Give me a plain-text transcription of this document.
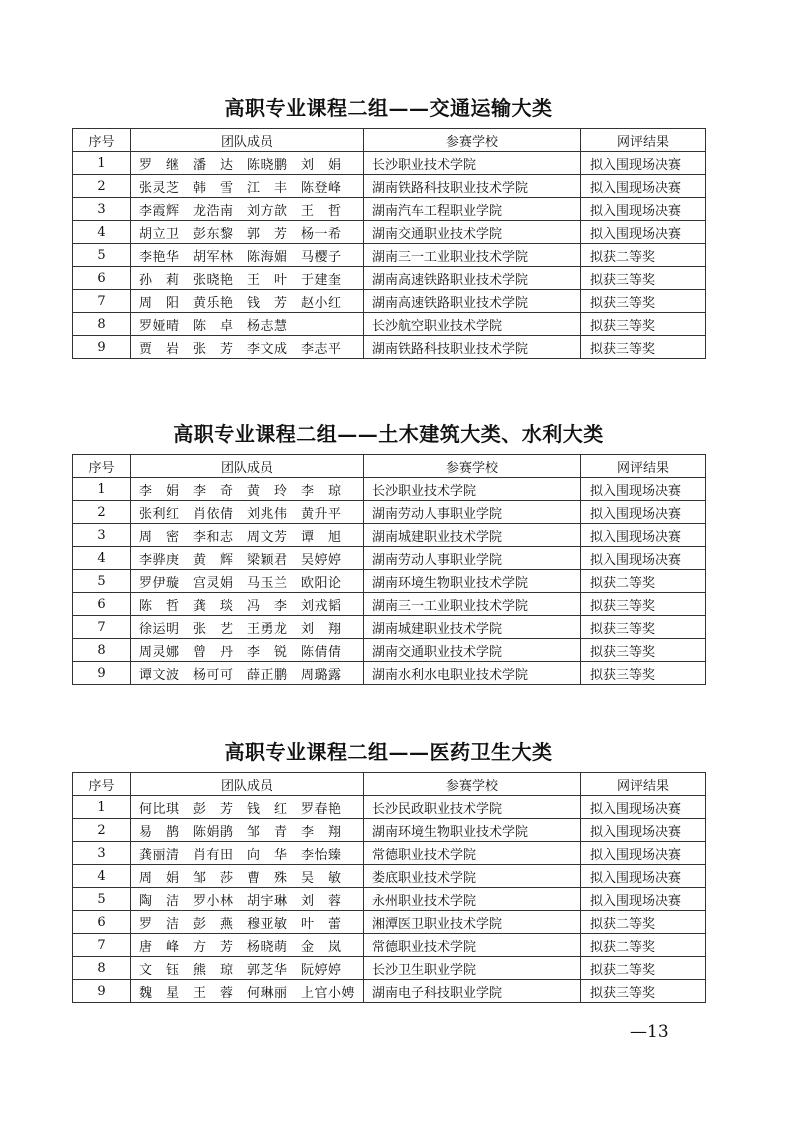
高职专业课程二组——交通运输大类
序号	团队成员	参赛学校	网评结果
1	罗　继　潘　达　陈晓鹏　刘　娟	长沙职业技术学院	拟入围现场决赛
2	张灵芝　韩　雪　江　丰　陈登峰	湖南铁路科技职业技术学院	拟入围现场决赛
3	李霞辉　龙浩南　刘方歆　王　哲	湖南汽车工程职业学院	拟入围现场决赛
4	胡立卫　彭东黎　郭　芳　杨一希	湖南交通职业技术学院	拟入围现场决赛
5	李艳华　胡军林　陈海媚　马樱子	湖南三一工业职业技术学院	拟获二等奖
6	孙　莉　张晓艳　王　叶　于建奎	湖南高速铁路职业技术学院	拟获三等奖
7	周　阳　黄乐艳　钱　芳　赵小红	湖南高速铁路职业技术学院	拟获三等奖
8	罗娅晴　陈　卓　杨志慧	长沙航空职业技术学院	拟获三等奖
9	贾　岩　张　芳　李文成　李志平	湖南铁路科技职业技术学院	拟获三等奖
高职专业课程二组——土木建筑大类、水利大类
序号	团队成员	参赛学校	网评结果
1	李　娟　李　奇　黄　玲　李　琼	长沙职业技术学院	拟入围现场决赛
2	张利红　肖依倩　刘兆伟　黄升平	湖南劳动人事职业学院	拟入围现场决赛
3	周　密　李和志　周文芳　谭　旭	湖南城建职业技术学院	拟入围现场决赛
4	李骅庚　黄　辉　梁颖君　吴婷婷	湖南劳动人事职业学院	拟入围现场决赛
5	罗伊璇　宫灵娟　马玉兰　欧阳论	湖南环境生物职业技术学院	拟获二等奖
6	陈　哲　龚　琰　冯　李　刘戎韬	湖南三一工业职业技术学院	拟获三等奖
7	徐运明　张　艺　王勇龙　刘　翔	湖南城建职业技术学院	拟获三等奖
8	周灵娜　曾　丹　李　锐　陈倩倩	湖南交通职业技术学院	拟获三等奖
9	谭文波　杨可可　薛正鹏　周璐露	湖南水利水电职业技术学院	拟获三等奖
高职专业课程二组——医药卫生大类
序号	团队成员	参赛学校	网评结果
1	何比琪　彭　芳　钱　红　罗春艳	长沙民政职业技术学院	拟入围现场决赛
2	易　鹊　陈娟鹃　邹　青　李　翔	湖南环境生物职业技术学院	拟入围现场决赛
3	龚丽清　肖有田　向　华　李怡臻	常德职业技术学院	拟入围现场决赛
4	周　娟　邹　莎　曹　殊　吴　敏	娄底职业技术学院	拟入围现场决赛
5	陶　洁　罗小林　胡宇琳　刘　蓉	永州职业技术学院	拟入围现场决赛
6	罗　洁　彭　燕　穆亚敏　叶　蕾	湘潭医卫职业技术学院	拟获二等奖
7	唐　峰　方　芳　杨晓萌　金　岚	常德职业技术学院	拟获二等奖
8	文　钰　熊　琼　郭芝华　阮婷婷	长沙卫生职业学院	拟获二等奖
9	魏　星　王　蓉　何琳丽　上官小娉	湖南电子科技职业学院	拟获三等奖
—13
